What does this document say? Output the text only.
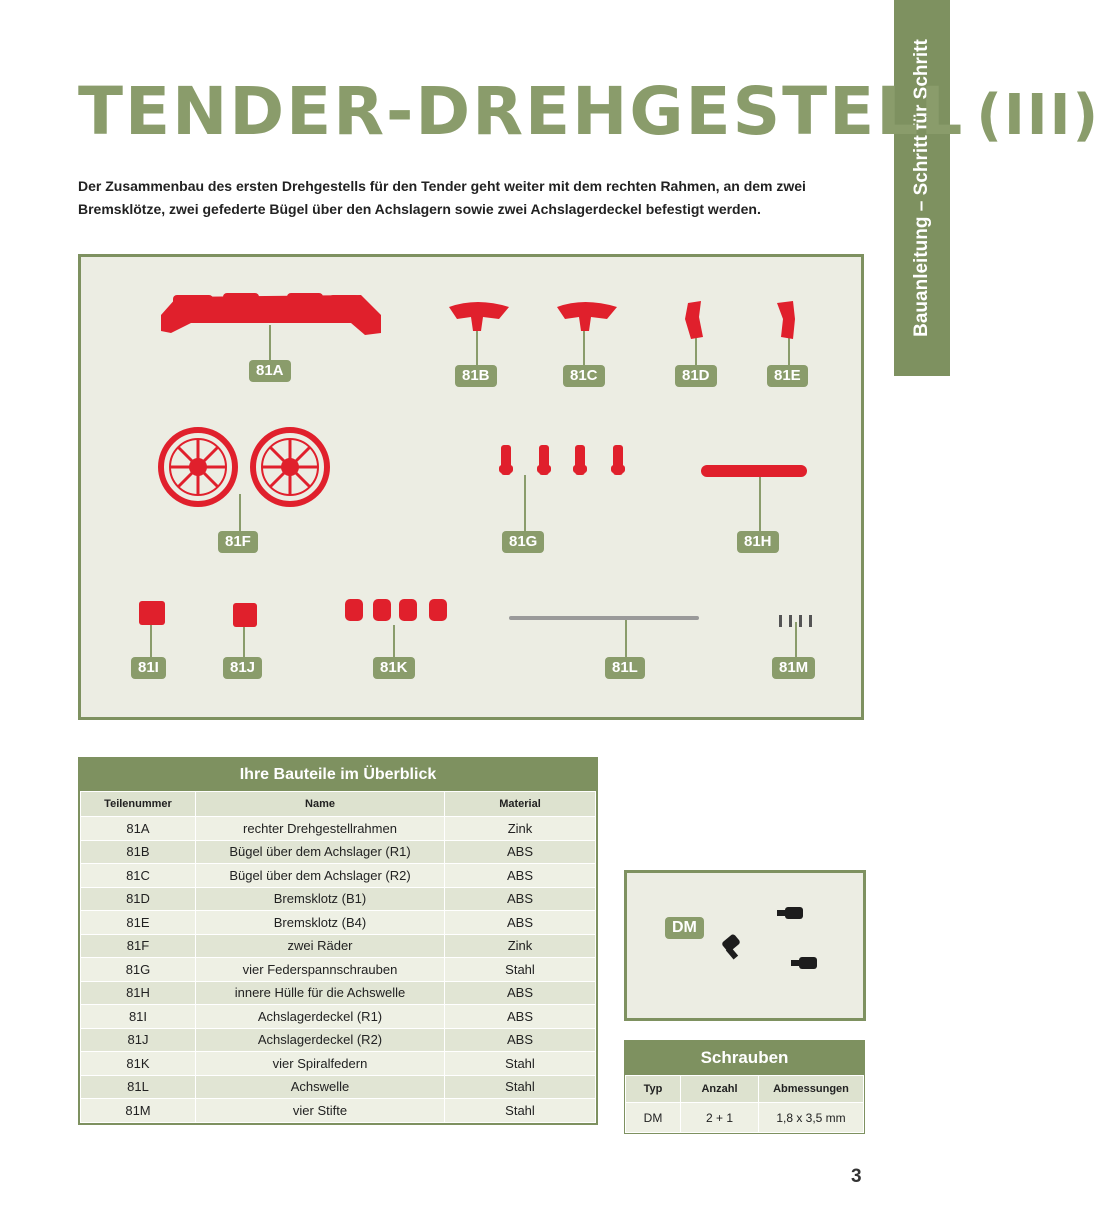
Bauanleitung – Schritt für Schritt
TENDER-DREHGESTELL (III)

Der Zusammenbau des ersten Drehgestells für den Tender geht weiter mit dem rechten Rahmen, an dem zwei Bremsklötze, zwei gefederte Bügel über den Achslagern sowie zwei Achslagerdeckel befestigt werden.

81A	81B	81C	81D	81E
81F	81G	81H
81I	81J	81K	81L	81M
Ihre Bauteile im Überblick
Teilenummer	Name	Material
81A	rechter Drehgestellrahmen	Zink
81B	Bügel über dem Achslager (R1)	ABS
81C	Bügel über dem Achslager (R2)	ABS
81D	Bremsklotz (B1)	ABS
81E	Bremsklotz (B4)	ABS
81F	zwei Räder	Zink
81G	vier Federspannschrauben	Stahl
81H	innere Hülle für die Achswelle	ABS
81I	Achslagerdeckel (R1)	ABS
81J	Achslagerdeckel (R2)	ABS
81K	vier Spiralfedern	Stahl
81L	Achswelle	Stahl
81M	vier Stifte	Stahl
DM
Schrauben
Typ	Anzahl	Abmessungen
DM	2 + 1	1,8 x 3,5 mm
3
